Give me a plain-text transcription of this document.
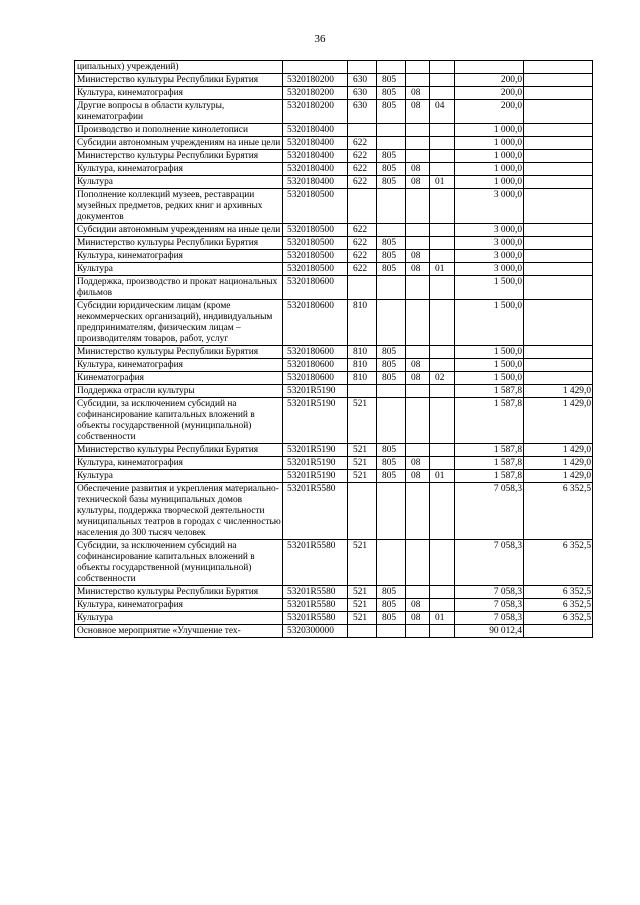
36
ципальных) учреждений)							
Министерство культуры Республики Бурятия	5320180200	630	805			200,0	
Культура, кинематография	5320180200	630	805	08		200,0	
Другие вопросы в области культуры, кинематографии	5320180200	630	805	08	04	200,0	
Производство и пополнение кинолетописи	5320180400					1 000,0	
Субсидии автономным учреждениям на иные цели	5320180400	622				1 000,0	
Министерство культуры Республики Бурятия	5320180400	622	805			1 000,0	
Культура, кинематография	5320180400	622	805	08		1 000,0	
Культура	5320180400	622	805	08	01	1 000,0	
Пополнение коллекций музеев, реставрации музейных предметов, редких книг и архивных документов	5320180500					3 000,0	
Субсидии автономным учреждениям на иные цели	5320180500	622				3 000,0	
Министерство культуры Республики Бурятия	5320180500	622	805			3 000,0	
Культура, кинематография	5320180500	622	805	08		3 000,0	
Культура	5320180500	622	805	08	01	3 000,0	
Поддержка, производство и прокат национальных фильмов	5320180600					1 500,0	
Субсидии юридическим лицам (кроме некоммерческих организаций), индивидуальным предпринимателям, физическим лицам – производителям товаров, работ, услуг	5320180600	810				1 500,0	
Министерство культуры Республики Бурятия	5320180600	810	805			1 500,0	
Культура, кинематография	5320180600	810	805	08		1 500,0	
Кинематография	5320180600	810	805	08	02	1 500,0	
Поддержка отрасли культуры	53201R5190					1 587,8	1 429,0
Субсидии, за исключением субсидий на софинансирование капитальных вложений в объекты государственной (муниципальной) собственности	53201R5190	521				1 587,8	1 429,0
Министерство культуры Республики Бурятия	53201R5190	521	805			1 587,8	1 429,0
Культура, кинематография	53201R5190	521	805	08		1 587,8	1 429,0
Культура	53201R5190	521	805	08	01	1 587,8	1 429,0
Обеспечение развития и укрепления материально-технической базы муниципальных домов культуры, поддержка творческой деятельности муниципальных театров в городах с численностью населения до 300 тысяч человек	53201R5580					7 058,3	6 352,5
Субсидии, за исключением субсидий на софинансирование капитальных вложений в объекты государственной (муниципальной) собственности	53201R5580	521				7 058,3	6 352,5
Министерство культуры Республики Бурятия	53201R5580	521	805			7 058,3	6 352,5
Культура, кинематография	53201R5580	521	805	08		7 058,3	6 352,5
Культура	53201R5580	521	805	08	01	7 058,3	6 352,5
Основное мероприятие «Улучшение тех-	5320300000					90 012,4	
